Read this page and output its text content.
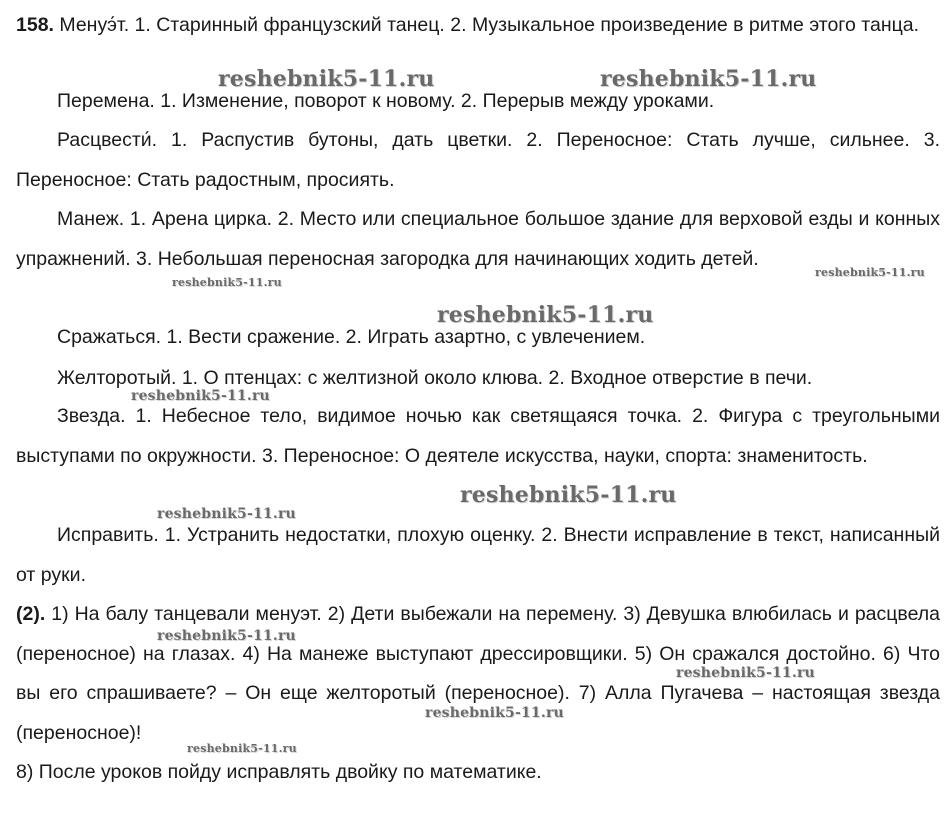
158. Менуэ́т. 1. Старинный французский танец. 2. Музыкальное произведение в ритме этого танца.

Перемена. 1. Изменение, поворот к новому. 2. Перерыв между уроками.

Расцвести́. 1. Распустив бутоны, дать цветки. 2. Переносное: Стать лучше, сильнее. 3. Переносное: Стать радостным, просиять.

Манеж. 1. Арена цирка. 2. Место или специальное большое здание для верховой езды и конных упражнений. 3. Небольшая переносная загородка для начинающих ходить детей.

Сражаться. 1. Вести сражение. 2. Играть азартно, с увлечением.

Желторотый. 1. О птенцах: с желтизной около клюва. 2. Входное отверстие в печи.

Звезда. 1. Небесное тело, видимое ночью как светящаяся точка. 2. Фигура с треугольными выступами по окружности. 3. Переносное: О деятеле искусства, науки, спорта: знаменитость.

Исправить. 1. Устранить недостатки, плохую оценку. 2. Внести исправление в текст, написанный от руки.

(2). 1) На балу танцевали менуэт. 2) Дети выбежали на перемену. 3) Девушка влюбилась и расцвела (переносное) на глазах. 4) На манеже выступают дрессировщики. 5) Он сражался достойно. 6) Что вы его спрашиваете? – Он еще желторотый (переносное). 7) Алла Пугачева – настоящая звезда (переносное)!

8) После уроков пойду исправлять двойку по математике.

reshebnik5-11.ru	reshebnik5-11.ru
reshebnik5-11.ru
reshebnik5-11.ru
reshebnik5-11.ru
reshebnik5-11.ru
reshebnik5-11.ru
reshebnik5-11.ru
reshebnik5-11.ru
reshebnik5-11.ru
reshebnik5-11.ru
reshebnik5-11.ru
